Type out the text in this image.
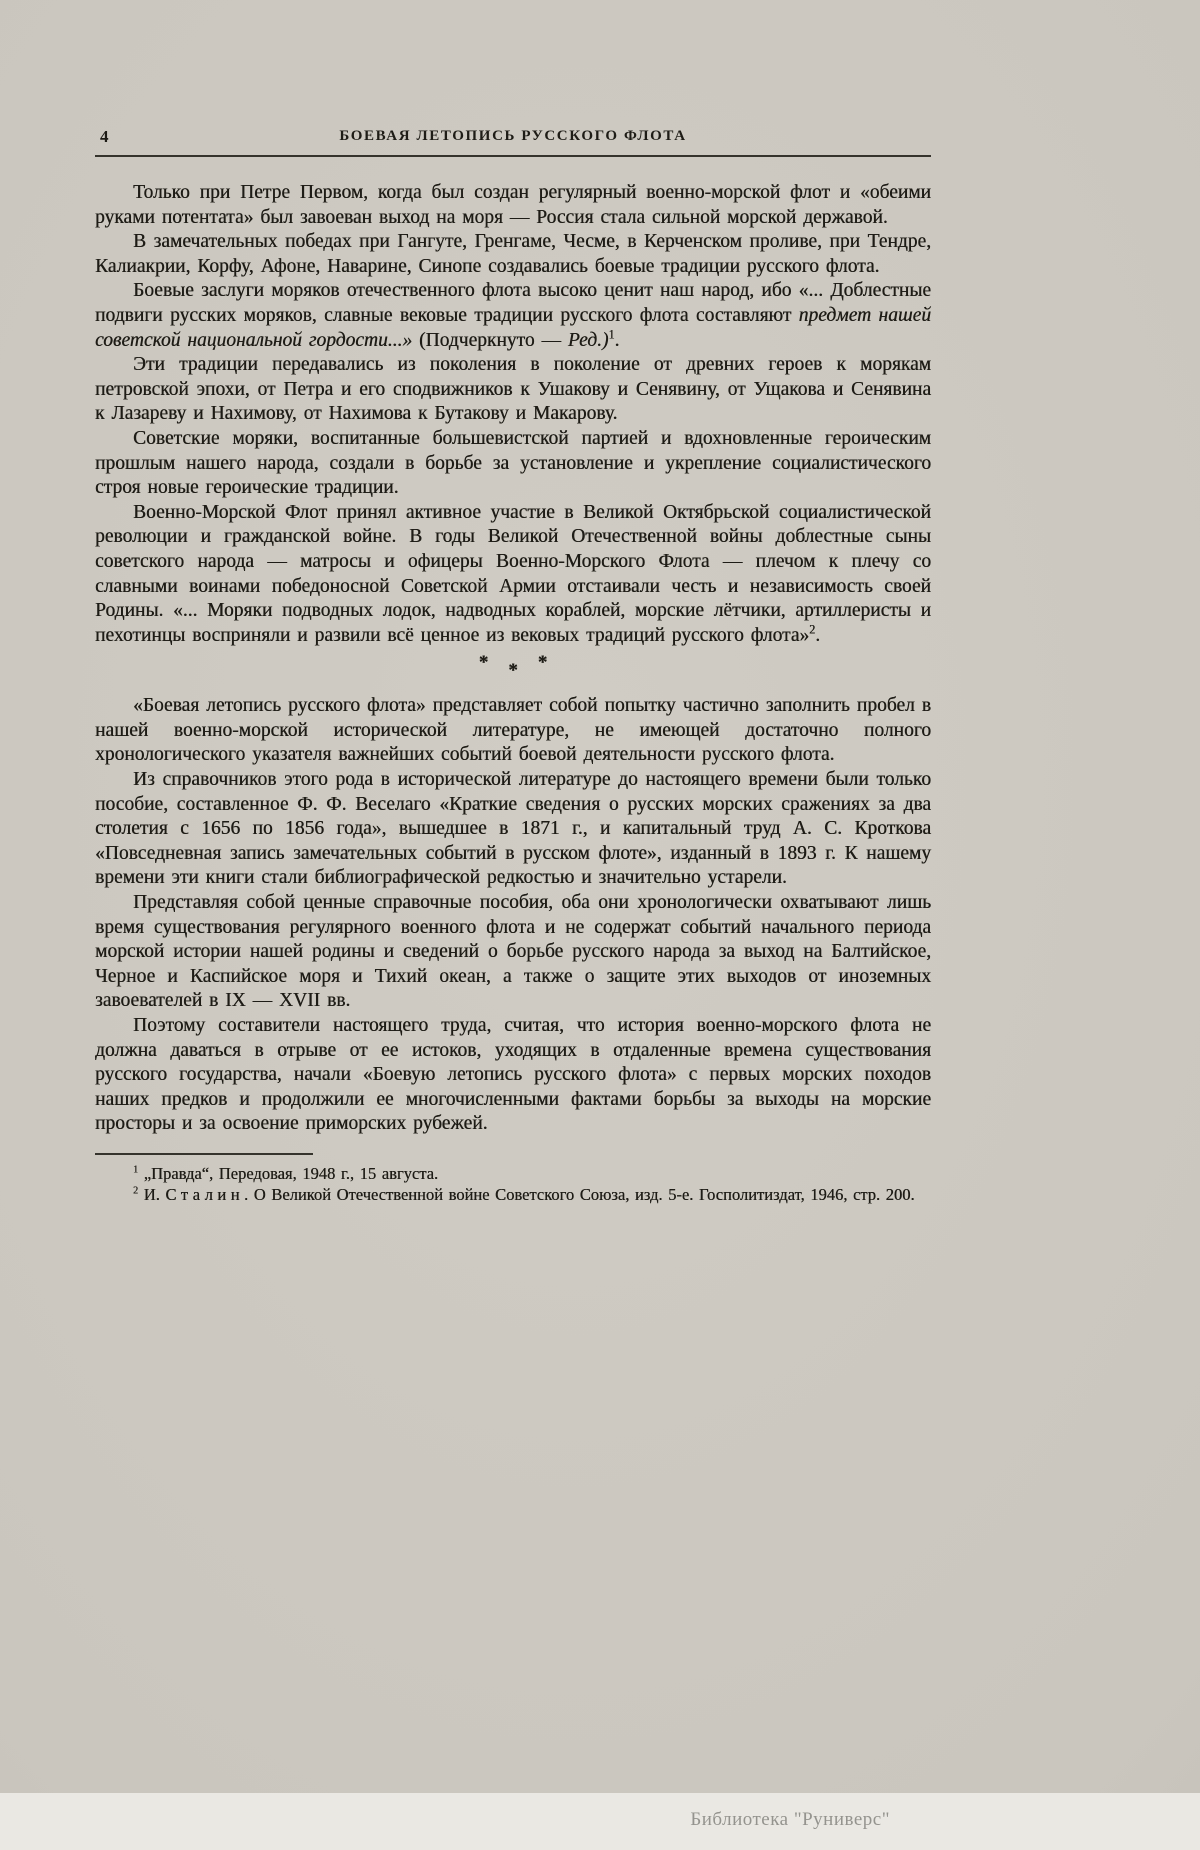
4	БОЕВАЯ ЛЕТОПИСЬ РУССКОГО ФЛОТА

Только при Петре Первом, когда был создан регулярный военно-морской флот и «обеими руками потентата» был завоеван выход на моря — Россия стала сильной морской державой.

В замечательных победах при Гангуте, Гренгаме, Чесме, в Керченском проливе, при Тендре, Калиакрии, Корфу, Афоне, Наварине, Синопе создавались боевые традиции русского флота.

Боевые заслуги моряков отечественного флота высоко ценит наш народ, ибо «... Доблестные подвиги русских моряков, славные вековые традиции русского флота составляют предмет нашей советской национальной гордости...» (Подчеркнуто — Ред.)$^1$.

Эти традиции передавались из поколения в поколение от древних героев к морякам петровской эпохи, от Петра и его сподвижников к Ушакову и Сенявину, от Ущакова и Сенявина к Лазареву и Нахимову, от Нахимова к Бутакову и Макарову.

Советские моряки, воспитанные большевистской партией и вдохновленные героическим прошлым нашего народа, создали в борьбе за установление и укрепление социалистического строя новые героические традиции.

Военно-Морской Флот принял активное участие в Великой Октябрьской социалистической революции и гражданской войне. В годы Великой Отечественной войны доблестные сыны советского народа — матросы и офицеры Военно-Морского Флота — плечом к плечу со славными воинами победоносной Советской Армии отстаивали честь и независимость своей Родины. «... Моряки подводных лодок, надводных кораблей, морские лётчики, артиллеристы и пехотинцы восприняли и развили всё ценное из вековых традиций русского флота»$^2$.

* * *

«Боевая летопись русского флота» представляет собой попытку частично заполнить пробел в нашей военно-морской исторической литературе, не имеющей достаточно полного хронологического указателя важнейших событий боевой деятельности русского флота.

Из справочников этого рода в исторической литературе до настоящего времени были только пособие, составленное Ф. Ф. Веселаго «Краткие сведения о русских морских сражениях за два столетия с 1656 по 1856 года», вышедшее в 1871 г., и капитальный труд А. С. Кроткова «Повседневная запись замечательных событий в русском флоте», изданный в 1893 г. К нашему времени эти книги стали библиографической редкостью и значительно устарели.

Представляя собой ценные справочные пособия, оба они хронологически охватывают лишь время существования регулярного военного флота и не содержат событий начального периода морской истории нашей родины и сведений о борьбе русского народа за выход на Балтийское, Черное и Каспийское моря и Тихий океан, а также о защите этих выходов от иноземных завоевателей в IX — XVII вв.

Поэтому составители настоящего труда, считая, что история военно-морского флота не должна даваться в отрыве от ее истоков, уходящих в отдаленные времена существования русского государства, начали «Боевую летопись русского флота» с первых морских походов наших предков и продолжили ее многочисленными фактами борьбы за выходы на морские просторы и за освоение приморских рубежей.

$^1$ „Правда“, Передовая, 1948 г., 15 августа.

$^2$ И. Сталин. О Великой Отечественной войне Советского Союза, изд. 5-е. Госполитиздат, 1946, стр. 200.

Библиотека "Руниверс"
